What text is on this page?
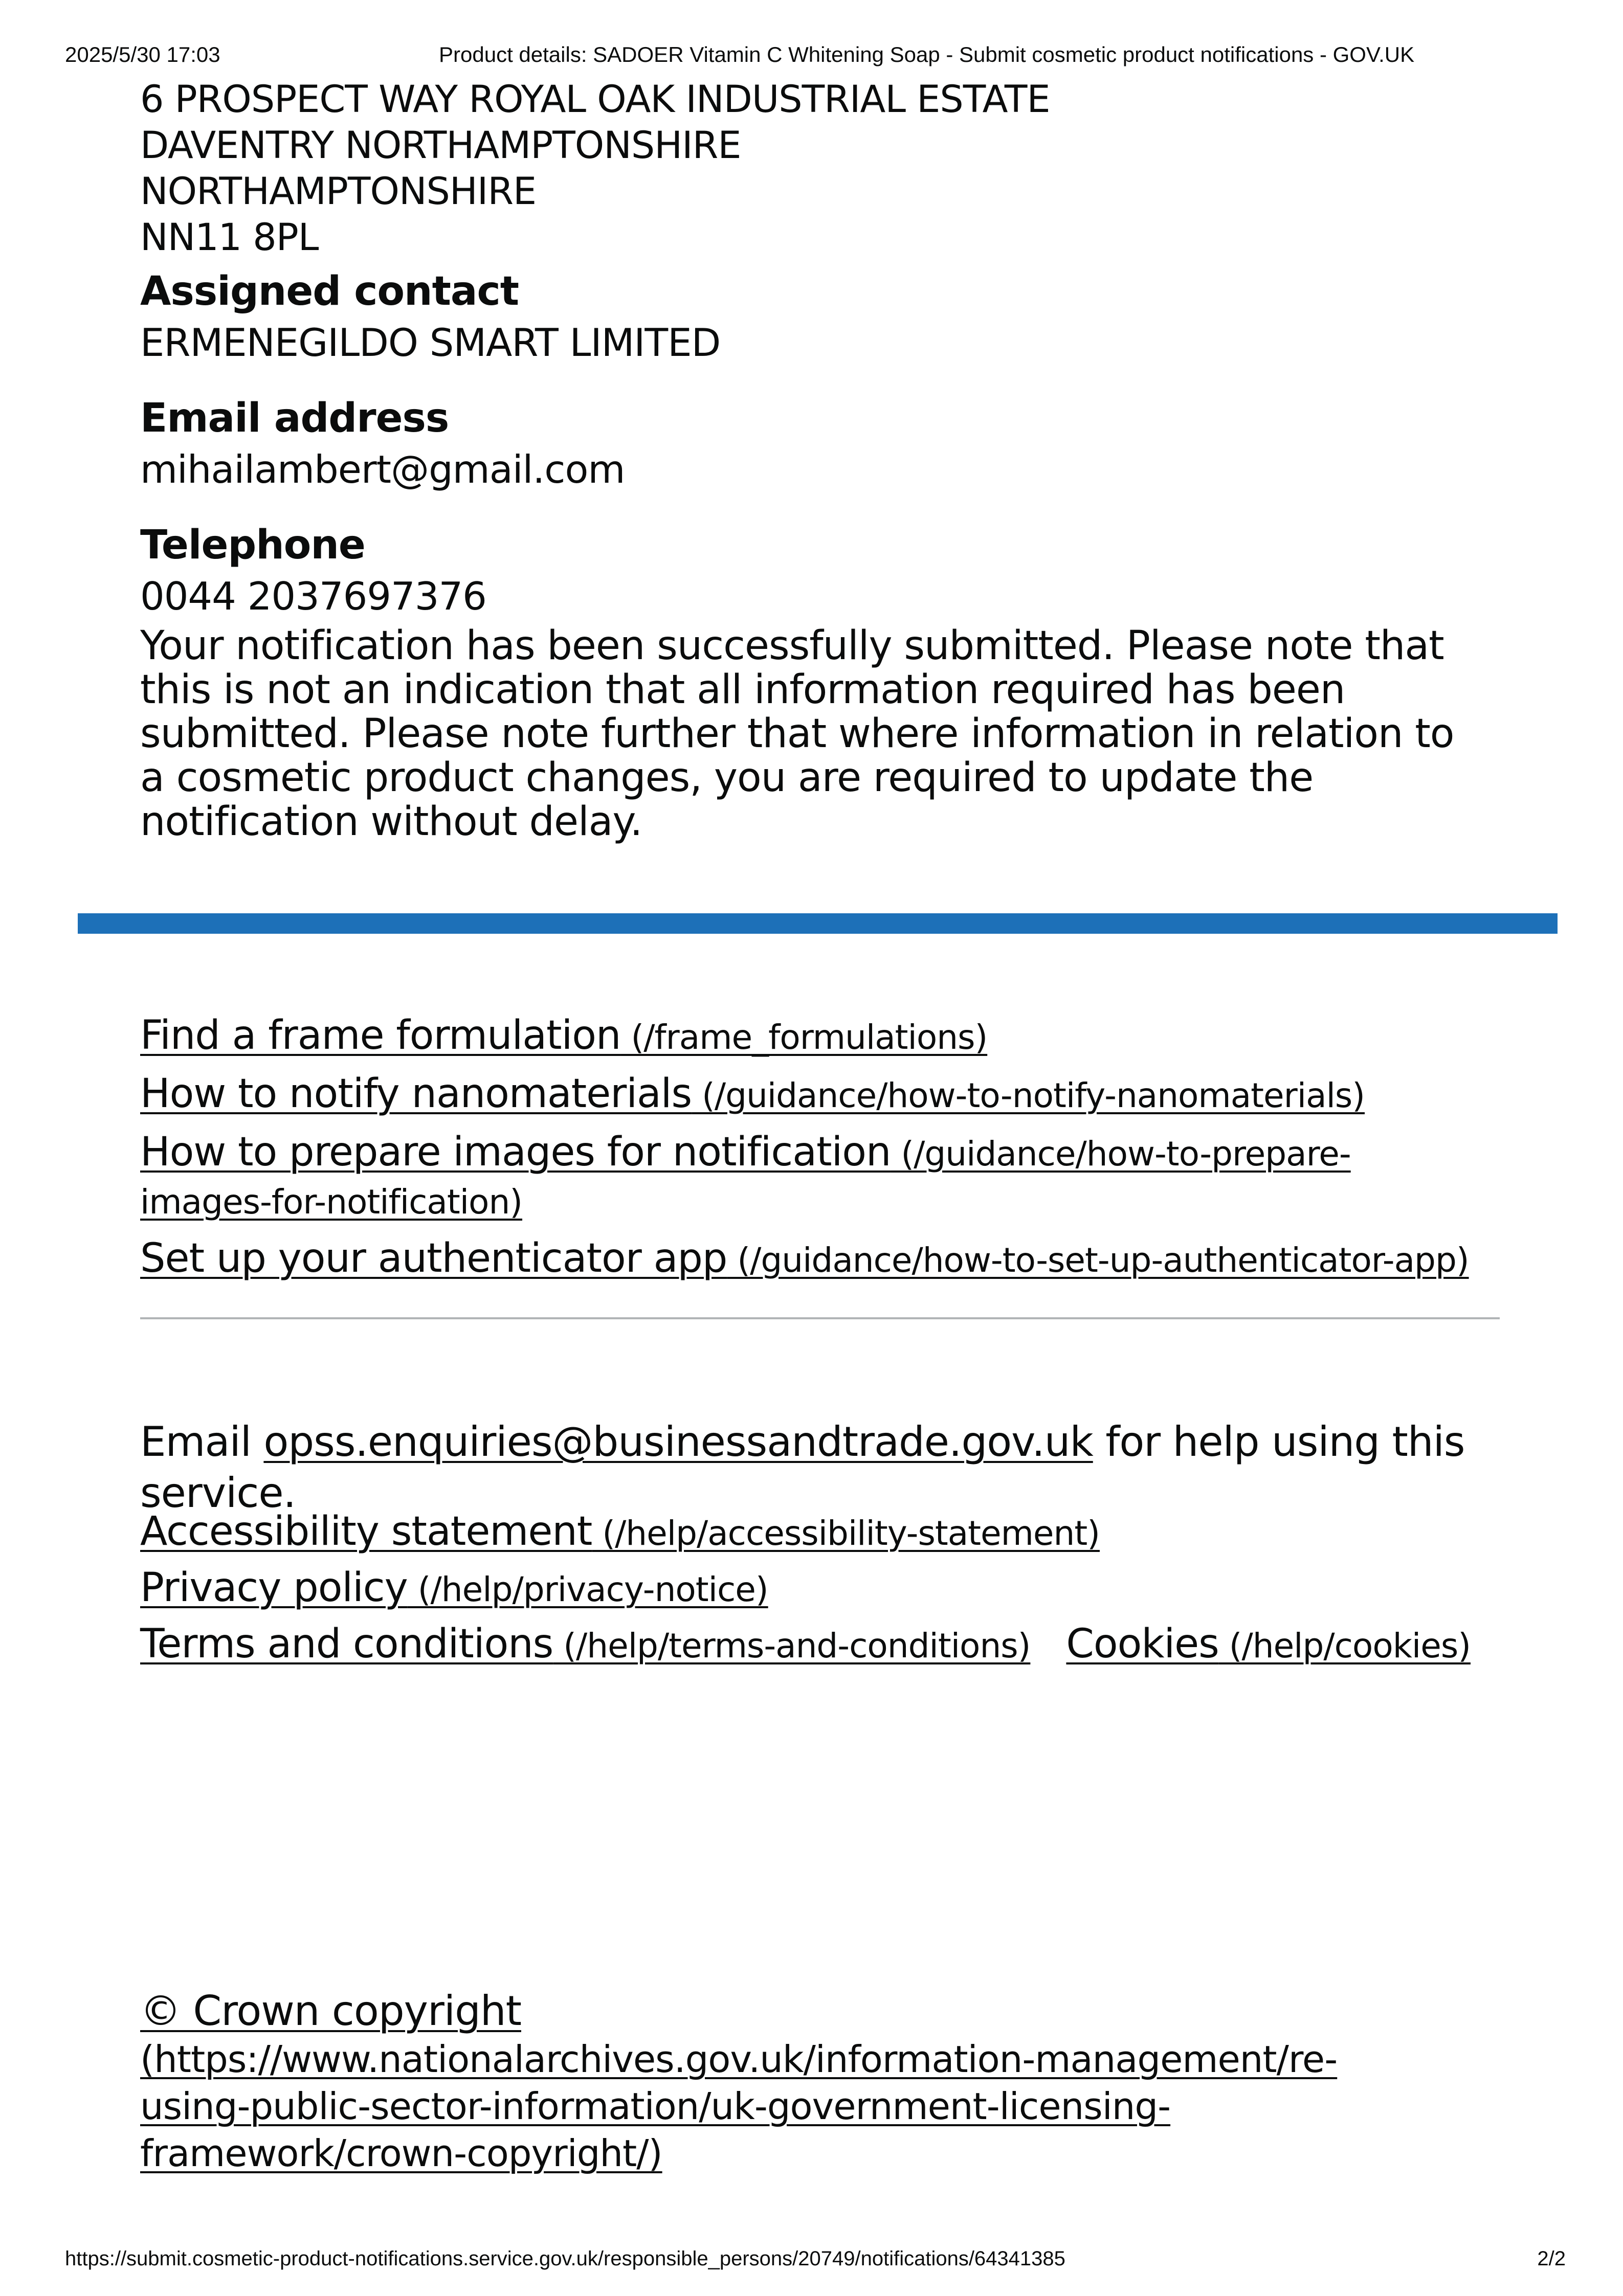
2025/5/30 17:03	Product details: SADOER Vitamin C Whitening Soap - Submit cosmetic product notifications - GOV.UK

6 PROSPECT WAY ROYAL OAK INDUSTRIAL ESTATE

DAVENTRY NORTHAMPTONSHIRE

NORTHAMPTONSHIRE

NN11 8PL

Assigned contact

ERMENEGILDO SMART LIMITED

Email address

mihailambert@gmail.com

Telephone

0044 2037697376

Your notification has been successfully submitted. Please note that this is not an indication that all information required has been submitted. Please note further that where information in relation to a cosmetic product changes, you are required to update the notification without delay.

Find a frame formulation (/frame_formulations)
How to notify nanomaterials (/guidance/how-to-notify-nanomaterials)
How to prepare images for notification (/guidance/how-to-prepare-images-for-notification)
Set up your authenticator app (/guidance/how-to-set-up-authenticator-app)
Email opss.enquiries@businessandtrade.gov.uk for help using this service.
Accessibility statement (/help/accessibility-statement)
Privacy policy (/help/privacy-notice)
Terms and conditions (/help/terms-and-conditions) Cookies (/help/cookies)
© Crown copyright (https://www.nationalarchives.gov.uk/information-management/re-using-public-sector-information/uk-government-licensing-framework/crown-copyright/)
https://submit.cosmetic-product-notifications.service.gov.uk/responsible_persons/20749/notifications/64341385	2/2
